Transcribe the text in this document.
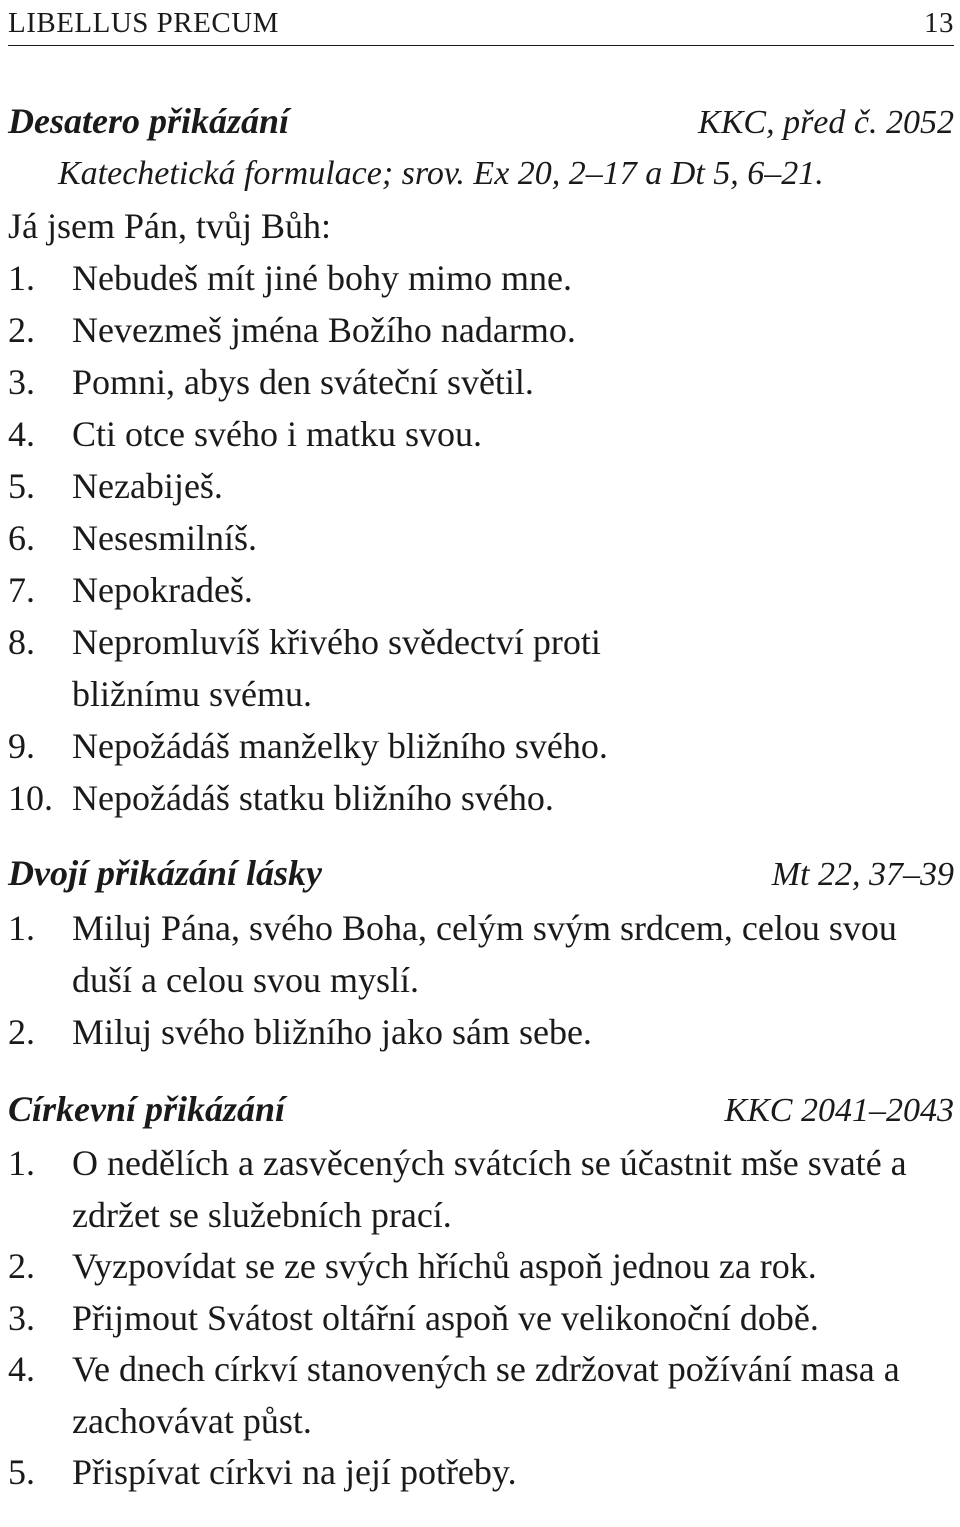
LIBELLUS PRECUM	13
Desatero přikázání	KKC, před č. 2052
Katechetická formulace; srov. Ex 20, 2–17 a Dt 5, 6–21.
Já jsem Pán, tvůj Bůh:
1.	Nebudeš mít jiné bohy mimo mne.
2.	Nevezmeš jména Božího nadarmo.
3.	Pomni, abys den sváteční světil.
4.	Cti otce svého i matku svou.
5.	Nezabiješ.
6.	Nesesmilníš.
7.	Nepokradeš.
8.	Nepromluvíš křivého svědectví proti bližnímu svému.
9.	Nepožádáš manželky bližního svého.
10. Nepožádáš statku bližního svého.
Dvojí přikázání lásky	Mt 22, 37–39
1.	Miluj Pána, svého Boha, celým svým srdcem, celou svou duší a celou svou myslí.
2.	Miluj svého bližního jako sám sebe.
Církevní přikázání	KKC 2041–2043
1.	O nedělích a zasvěcených svátcích se účastnit mše svaté a zdržet se služebních prací.
2.	Vyzpovídat se ze svých hříchů aspoň jednou za rok.
3.	Přijmout Svátost oltářní aspoň ve velikonoční době.
4.	Ve dnech církví stanovených se zdržovat požívání masa a zachovávat půst.
5.	Přispívat církvi na její potřeby.
